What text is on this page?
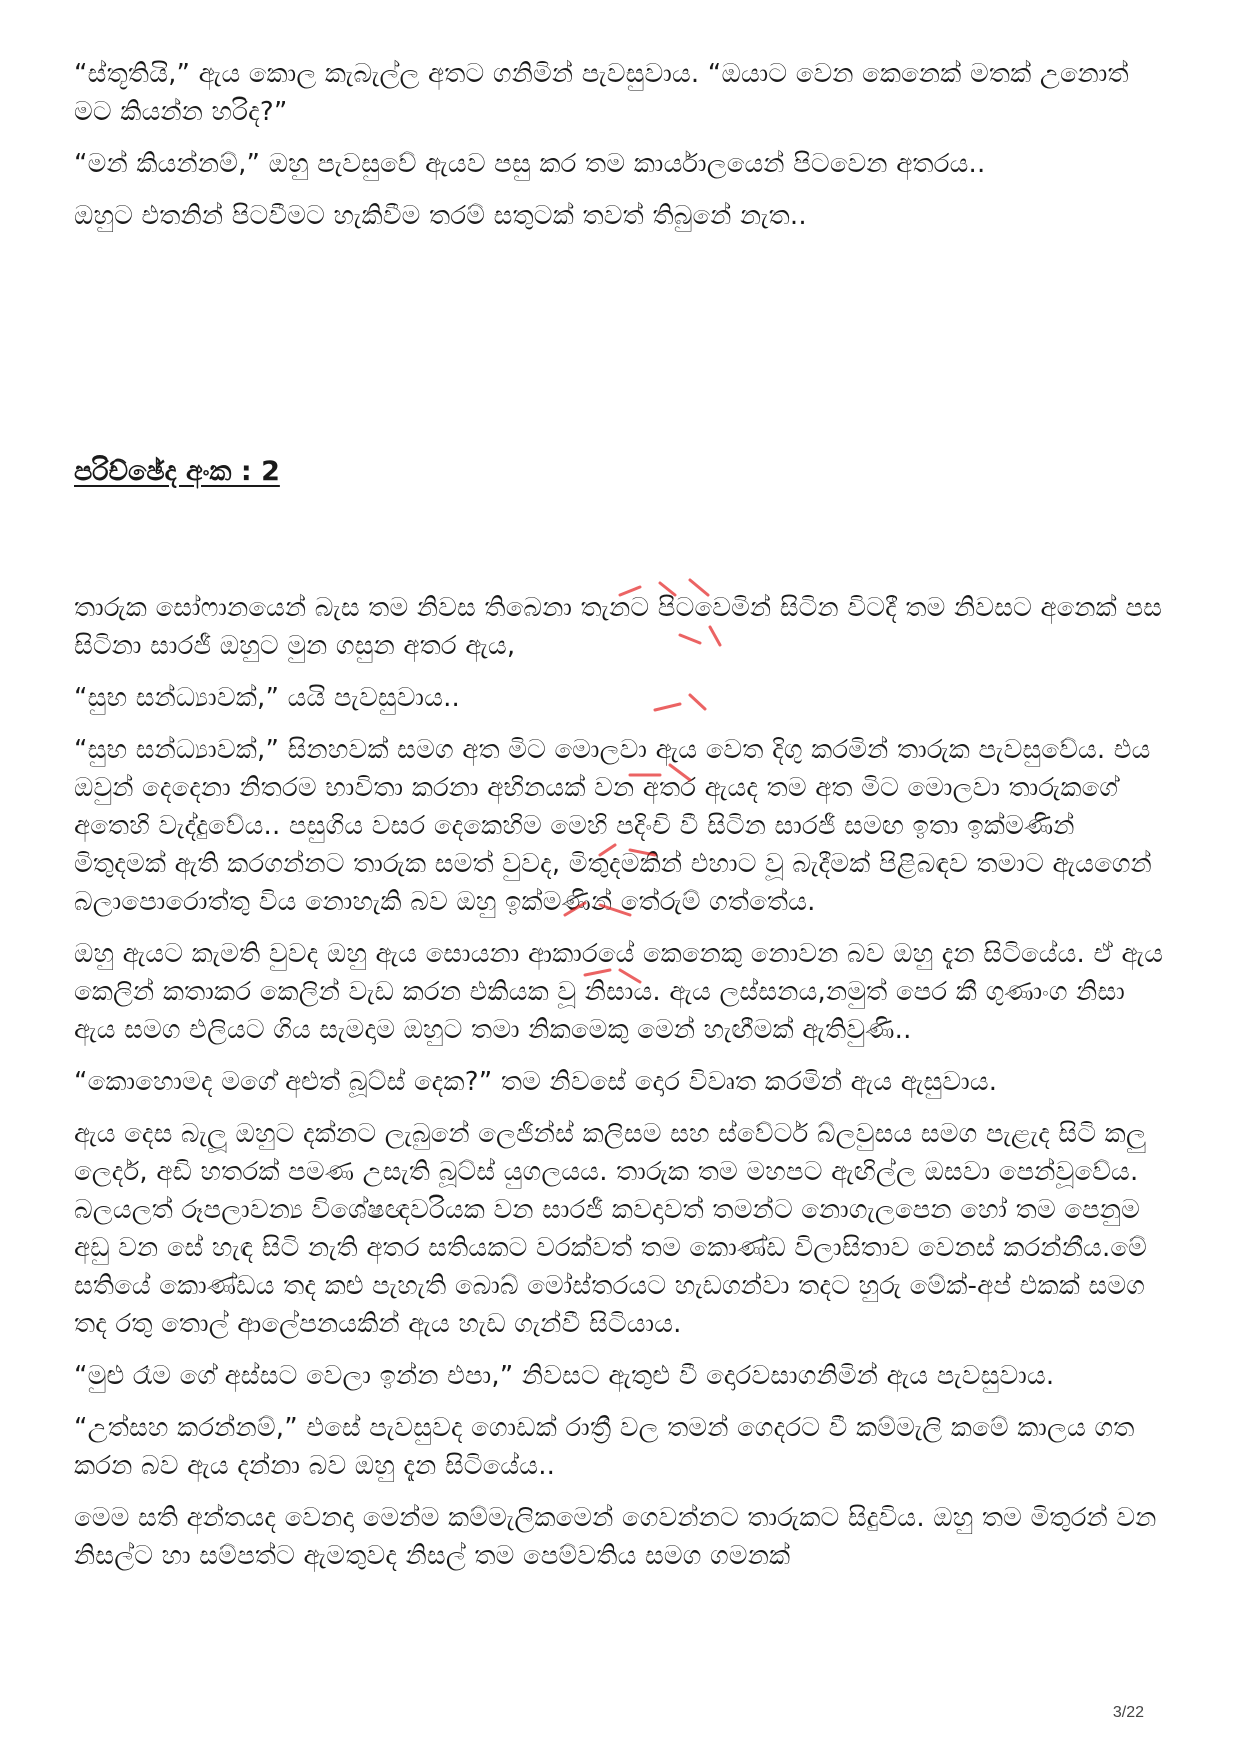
“ස්තූතියි,” ඇය කොල කැබැල්ල අතට ගනිමින් පැවසුවාය. “ඔයාට වෙන කෙනෙක් මතක් උනොත් මට කියන්න හරිද?”

“මන් කියන්නම්,” ඔහු පැවසුවේ ඇයව පසු කර තම කාර්යාලයෙන් පිටවෙන අතරය..

ඔහුට එතනින් පිටවීමට හැකිවීම තරම් සතුටක් තවත් තිබුනේ නැත..

පරිච්ඡේද අංක : 2

තාරුක සෝෆානයෙන් බැස තම නිවස තිබෙනා තැනට පිටවෙමින් සිටින විටදී තම නිවසට අනෙක් පස සිටිනා සාරජී ඔහුට මුන ගසුන අතර ඇය,

“සුභ සන්ධ්‍යාවක්,” යයි පැවසුවාය..

“සුභ සන්ධ්‍යාවක්,” සිනහවක් සමග අත මිට මොලවා ඇය වෙත දිගු කරමින් තාරුක පැවසුවේය. එය ඔවුන් දෙදෙනා නිතරම භාවිතා කරනා අභිනයක් වන අතර ඇයද තම අත මිට මොලවා තාරුකගේ අතෙහි වැද්දුවේය.. පසුගිය වසර දෙකෙහිම මෙහි පදිංචි වී සිටින සාරජී සමඟ ඉතා ඉක්මණින් මිතුදමක් ඇති කරගන්නට තාරුක සමත් වුවද, මිතුදමකින් එහාට වූ බැදීමක් පිළිබඳව තමාට ඇයගෙන් බලාපොරොත්තු විය නොහැකි බව ඔහු ඉක්මණින් තේරුම් ගත්තේය.

ඔහු ඇයට කැමති වුවද ඔහු ඇය සොයනා ආකාරයේ කෙනෙකු නොවන බව ඔහු දැන සිටියේය. ඒ ඇය කෙලින් කතාකර කෙලින් වැඩ කරන එකියක වූ නිසාය. ඇය ලස්සනය,නමුත් පෙර කී ගුණාංග නිසා ඇය සමග එලියට ගිය සැමදාම ඔහුට තමා නිකමෙකු මෙන් හැඟීමක් ඇතිවුණි..

“කොහොමද මගේ අළුත් බූට්ස් දෙක?” තම නිවසේ දොර විවෘත කරමින් ඇය ඇසුවාය.

ඇය දෙස බැලූ ඔහුට දක්නට ලැබුනේ ලෙජින්ස් කලිසම සහ ස්වේටර් බ්ලවුසය සමග පැළැද සිටි කලු ලෙදර්, අඩි හතරක් පමණ උසැති බූට්ස් යුගලයය. තාරුක තම මහපට ඇඟිල්ල ඔසවා පෙන්වූවේය. බලයලත් රූපලාවන්‍ය විශේෂඥවරියක වන සාරජී කවදාවත් තමන්ට නොගැලපෙන හෝ තම පෙනුම අඩු වන සේ හැඳ සිටි නැති අතර සතියකට වරක්වත් තම කොණ්ඩ විලාසිතාව වෙනස් කරන්නීය.මේ සතියේ කොණ්ඩය තද කළු පැහැති බොබ් මෝස්තරයට හැඩගන්වා තදට හුරු මේක්-අප් එකක් සමග තද රතු තොල් ආලේපනයකින් ඇය හැඩ ගැන්වී සිටියාය.

“මුළු රෑම ගේ අස්සට වෙලා ඉන්න එපා,” නිවසට ඇතුළු වී දොරවසාගනිමින් ඇය පැවසුවාය.

“උත්සහ කරන්නම්,” එසේ පැවසුවද ගොඩක් රාත්‍රී වල තමන් ගෙදරට වී කම්මැලි කමේ කාලය ගත කරන බව ඇය දන්නා බව ඔහු දැන සිටියේය..

මෙම සති අන්තයද වෙනදා මෙන්ම කම්මැලිකමෙන් ගෙවන්නට තාරුකට සිදුවිය. ඔහු තම මිතුරන් වන නිසල්ට හා සම්පත්ට ඇමතුවද නිසල් තම පෙම්වතිය සමග ගමනක්

3/22
